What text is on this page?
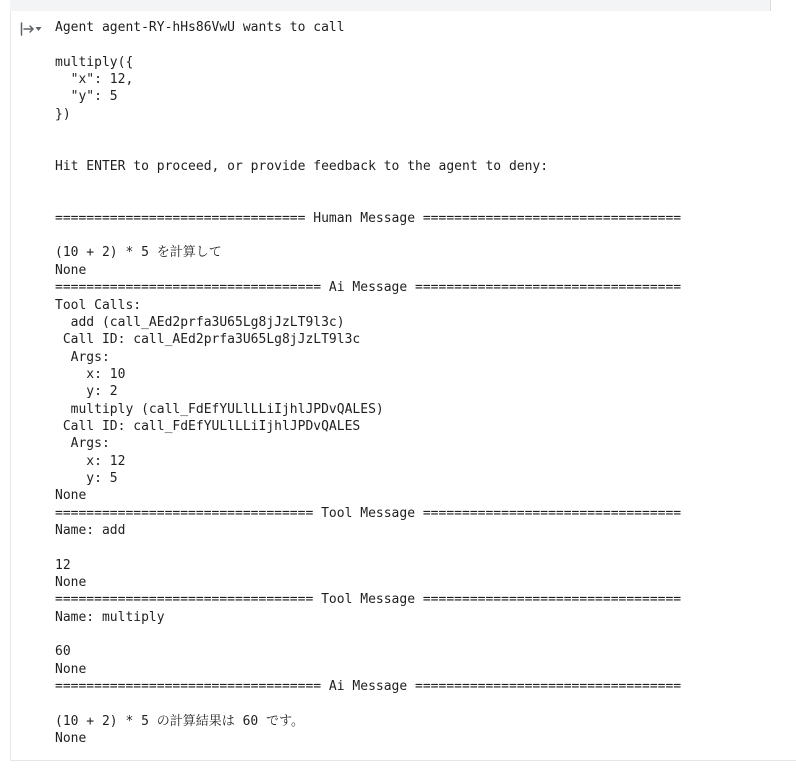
Agent agent-RY-hHs86VwU wants to call

multiply({
"x": 12,
"y": 5
})

Hit ENTER to proceed, or provide feedback to the agent to deny:

================================ Human Message =================================

(10 + 2) * 5 を計算して
None
================================== Ai Message ==================================
Tool Calls:
add (call_AEd2prfa3U65Lg8jJzLT9l3c)
Call ID: call_AEd2prfa3U65Lg8jJzLT9l3c
Args:
x: 10
y: 2
multiply (call_FdEfYULlLLiIjhlJPDvQALES)
Call ID: call_FdEfYULlLLiIjhlJPDvQALES
Args:
x: 12
y: 5
None
================================= Tool Message =================================
Name: add

12
None
================================= Tool Message =================================
Name: multiply

60
None
================================== Ai Message ==================================

(10 + 2) * 5 の計算結果は 60 です。
None
